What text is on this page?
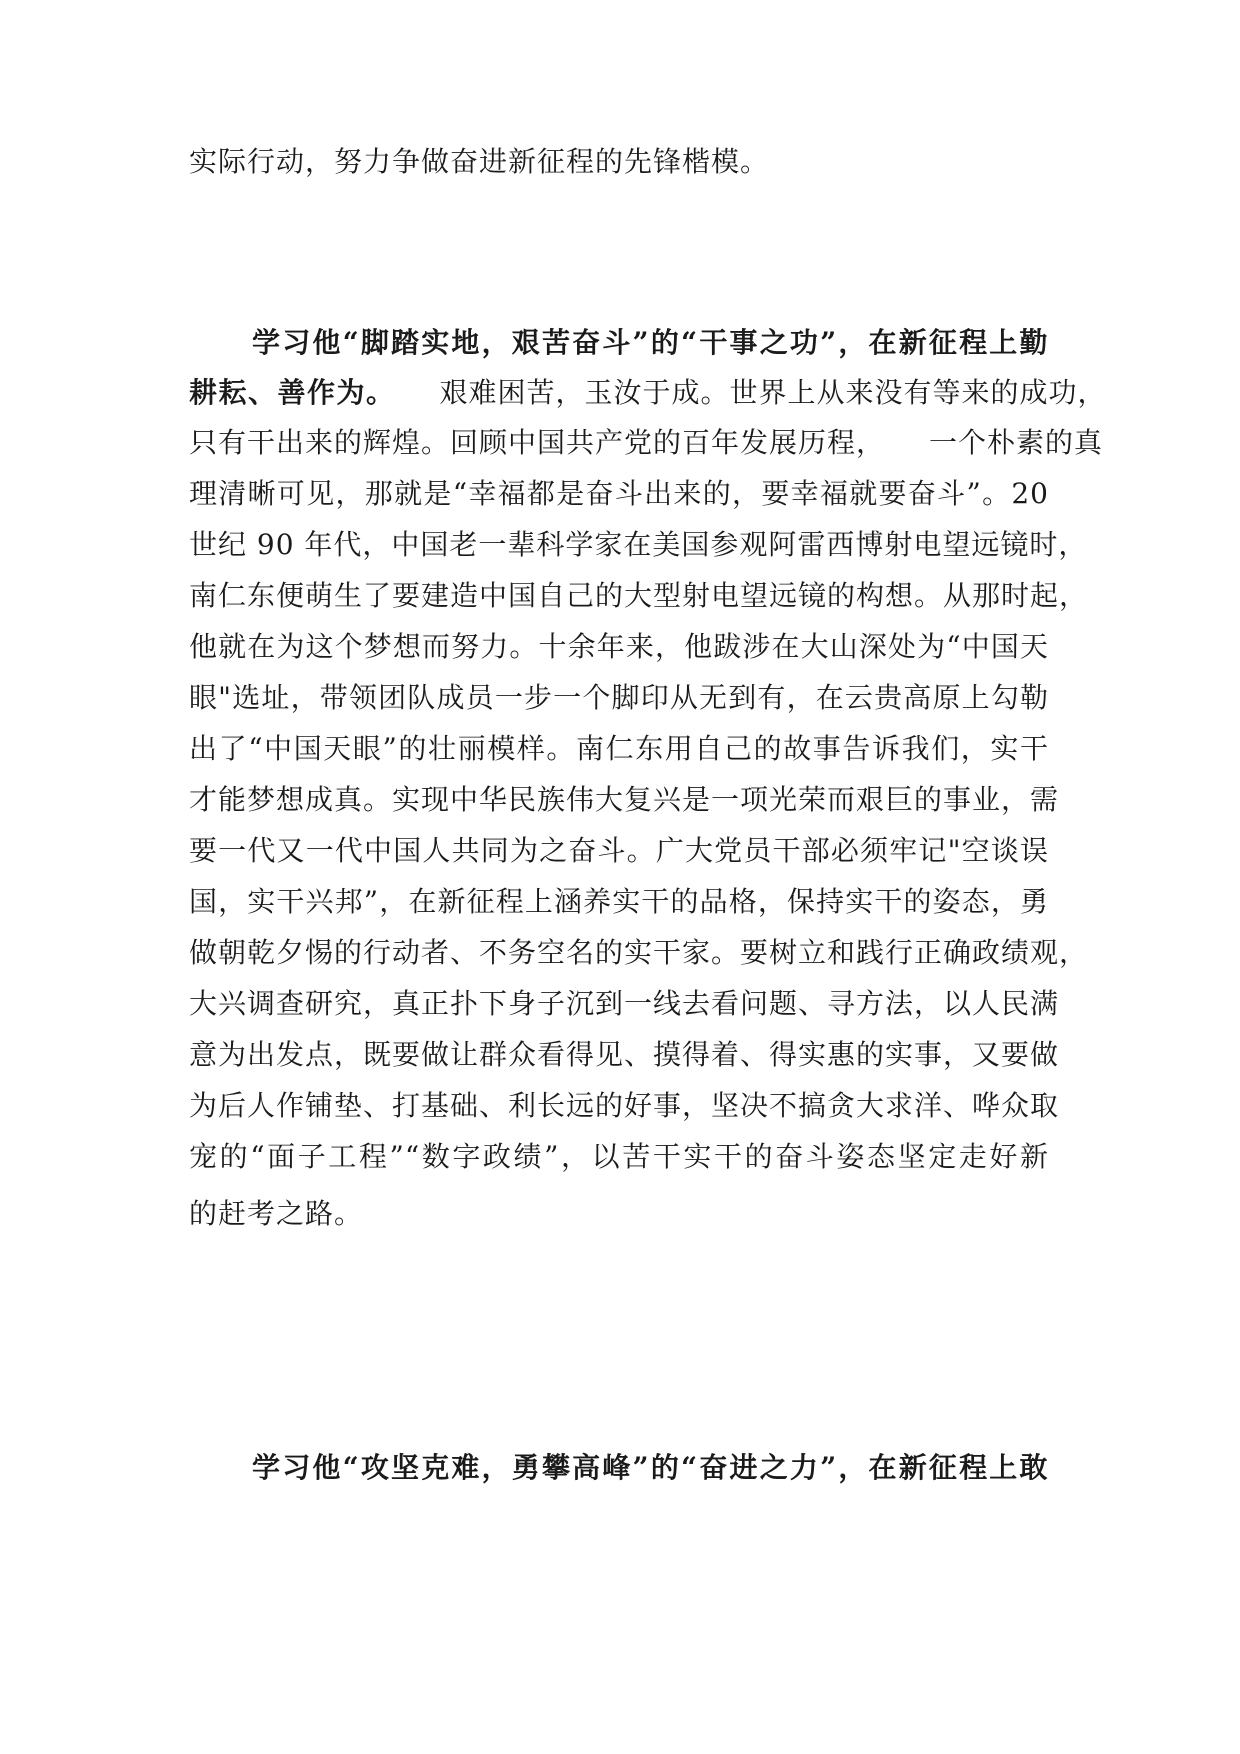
实际行动，努力争做奋进新征程的先锋楷模。
学习他“脚踏实地，艰苦奋斗”的“干事之功”，在新征程上勤
耕耘、善作为。 艰难困苦，玉汝于成。世界上从来没有等来的成功，
只有干出来的辉煌。回顾中国共产党的百年发展历程， 一个朴素的真
理清晰可见，那就是“幸福都是奋斗出来的，要幸福就要奋斗”。20
世纪 90 年代，中国老一辈科学家在美国参观阿雷西博射电望远镜时，
南仁东便萌生了要建造中国自己的大型射电望远镜的构想。从那时起，
他就在为这个梦想而努力。十余年来，他跋涉在大山深处为“中国天
眼"选址，带领团队成员一步一个脚印从无到有，在云贵高原上勾勒
出了“中国天眼”的壮丽模样。南仁东用自己的故事告诉我们，实干
才能梦想成真。实现中华民族伟大复兴是一项光荣而艰巨的事业，需
要一代又一代中国人共同为之奋斗。广大党员干部必须牢记"空谈误
国，实干兴邦”，在新征程上涵养实干的品格，保持实干的姿态，勇
做朝乾夕惕的行动者、不务空名的实干家。要树立和践行正确政绩观，
大兴调查研究，真正扑下身子沉到一线去看问题、寻方法，以人民满
意为出发点，既要做让群众看得见、摸得着、得实惠的实事，又要做
为后人作铺垫、打基础、利长远的好事，坚决不搞贪大求洋、哗众取
宠的“面子工程”“数字政绩”，以苦干实干的奋斗姿态坚定走好新
的赶考之路。
学习他“攻坚克难，勇攀高峰”的“奋进之力”，在新征程上敢
